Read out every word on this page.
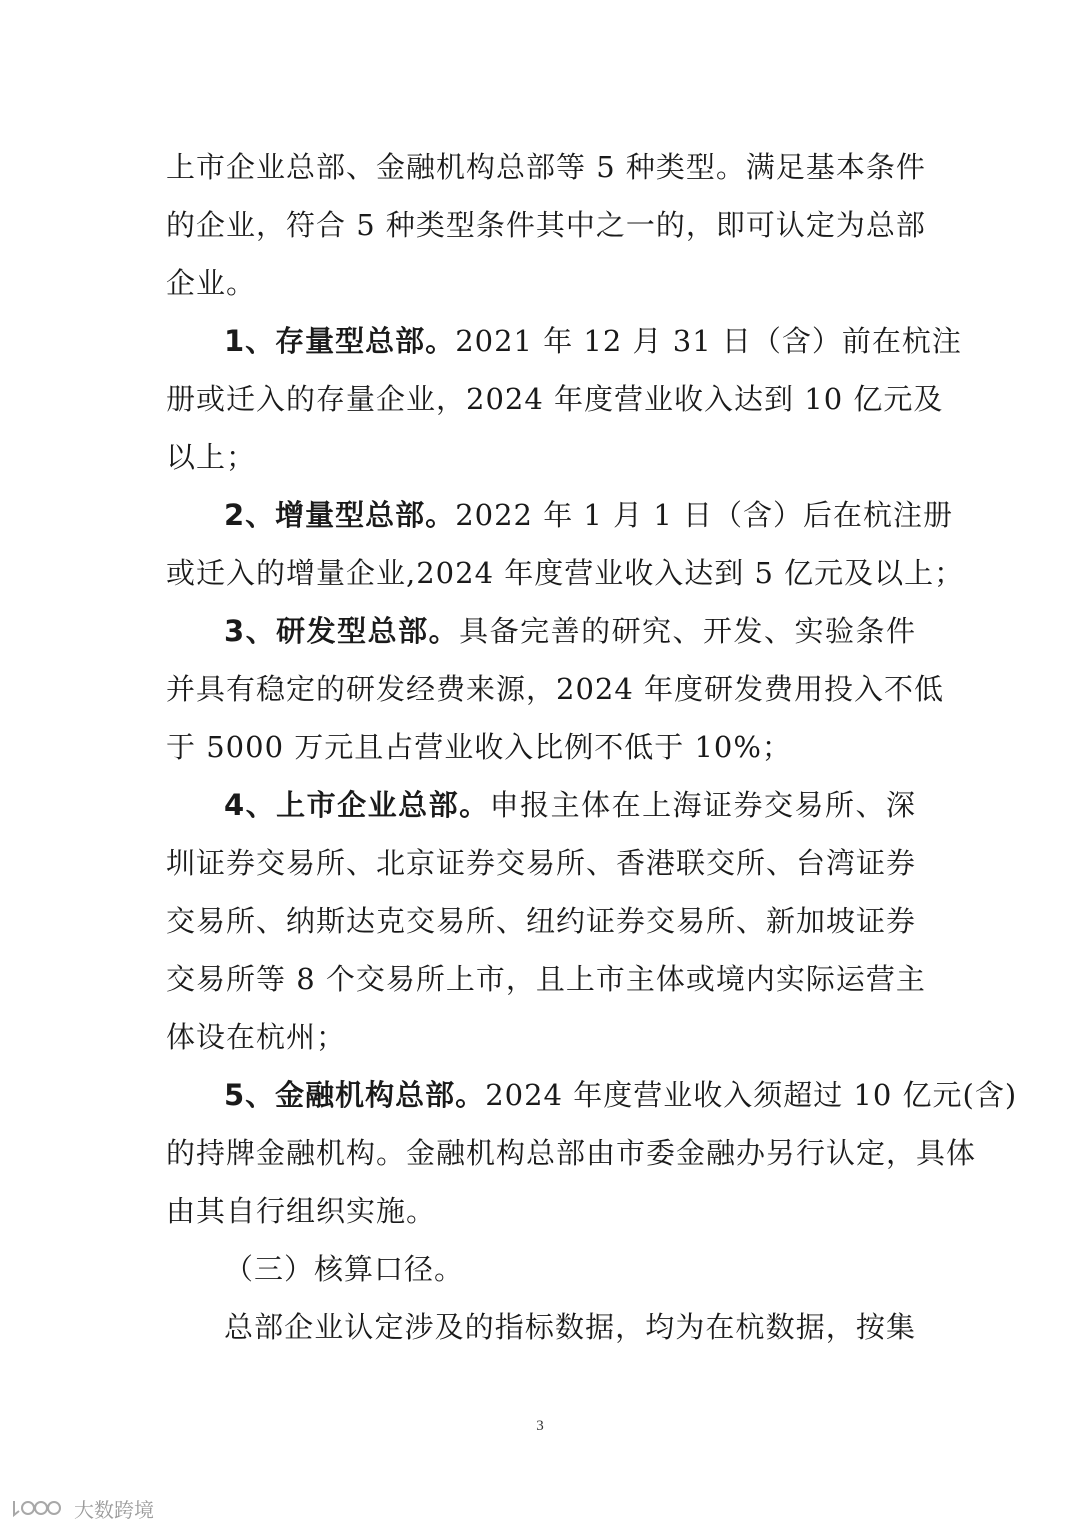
上市企业总部、金融机构总部等 5 种类型。满足基本条件
的企业，符合 5 种类型条件其中之一的，即可认定为总部
企业。
1、存量型总部。2021 年 12 月 31 日（含）前在杭注
册或迁入的存量企业，2024 年度营业收入达到 10 亿元及
以上；
2、增量型总部。2022 年 1 月 1 日（含）后在杭注册
或迁入的增量企业,2024 年度营业收入达到 5 亿元及以上；
3、研发型总部。具备完善的研究、开发、实验条件
并具有稳定的研发经费来源，2024 年度研发费用投入不低
于 5000 万元且占营业收入比例不低于 10%；
4、上市企业总部。申报主体在上海证券交易所、深
圳证券交易所、北京证券交易所、香港联交所、台湾证券
交易所、纳斯达克交易所、纽约证券交易所、新加坡证券
交易所等 8 个交易所上市，且上市主体或境内实际运营主
体设在杭州；
5、金融机构总部。2024 年度营业收入须超过 10 亿元(含)
的持牌金融机构。金融机构总部由市委金融办另行认定，具体
由其自行组织实施。
（三）核算口径。
总部企业认定涉及的指标数据，均为在杭数据，按集
3
大数跨境
